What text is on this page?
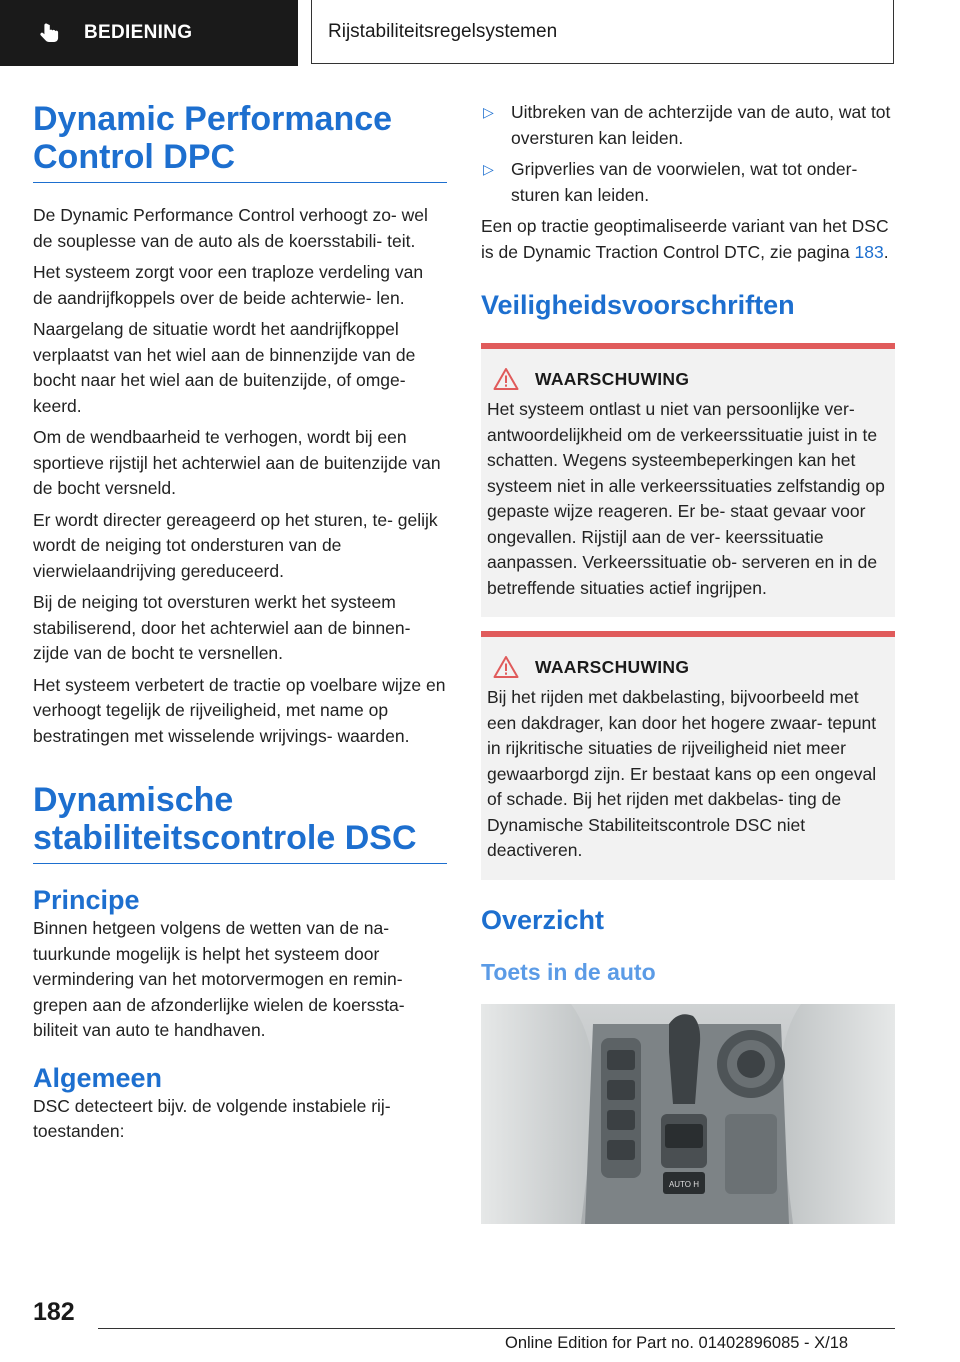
BEDIENING	Rijstabiliteitsregelsystemen
Dynamic Performance
Control DPC

De Dynamic Performance Control verhoogt zo‐ wel de souplesse van de auto als de koersstabili‐ teit.

Het systeem zorgt voor een traploze verdeling van de aandrijfkoppels over de beide achterwie‐ len.

Naargelang de situatie wordt het aandrijfkoppel verplaatst van het wiel aan de binnenzijde van de bocht naar het wiel aan de buitenzijde, of omge‐ keerd.

Om de wendbaarheid te verhogen, wordt bij een sportieve rijstijl het achterwiel aan de buitenzijde van de bocht versneld.

Er wordt directer gereageerd op het sturen, te‐ gelijk wordt de neiging tot ondersturen van de vierwielaandrijving gereduceerd.

Bij de neiging tot oversturen werkt het systeem stabiliserend, door het achterwiel aan de binnen‐ zijde van de bocht te versnellen.

Het systeem verbetert de tractie op voelbare wijze en verhoogt tegelijk de rijveiligheid, met name op bestratingen met wisselende wrijvings‐ waarden.

Dynamische
stabiliteitscontrole DSC
Principe

Binnen hetgeen volgens de wetten van de na‐ tuurkunde mogelijk is helpt het systeem door vermindering van het motorvermogen en remin‐ grepen aan de afzonderlijke wielen de koerssta‐ biliteit van auto te handhaven.

Algemeen

DSC detecteert bijv. de volgende instabiele rij‐ toestanden:

▷ Uitbreken van de achterzijde van de auto, wat tot oversturen kan leiden.
▷ Gripverlies van de voorwielen, wat tot onder‐ sturen kan leiden.

Een op tractie geoptimaliseerde variant van het DSC is de Dynamic Traction Control DTC, zie pagina 183.

Veiligheidsvoorschriften
WAARSCHUWING

Het systeem ontlast u niet van persoonlijke ver‐ antwoordelijkheid om de verkeerssituatie juist in te schatten. Wegens systeembeperkingen kan het systeem niet in alle verkeerssituaties zelfstandig op gepaste wijze reageren. Er be‐ staat gevaar voor ongevallen. Rijstijl aan de ver‐ keerssituatie aanpassen. Verkeerssituatie ob‐ serveren en in de betreffende situaties actief ingrijpen.

WAARSCHUWING

Bij het rijden met dakbelasting, bijvoorbeeld met een dakdrager, kan door het hogere zwaar‐ tepunt in rijkritische situaties de rijveiligheid niet meer gewaarborgd zijn. Er bestaat kans op een ongeval of schade. Bij het rijden met dakbelas‐ ting de Dynamische Stabiliteitscontrole DSC niet deactiveren.

Overzicht
Toets in de auto
AUTO H
182
Online Edition for Part no. 01402896085 - X/18
